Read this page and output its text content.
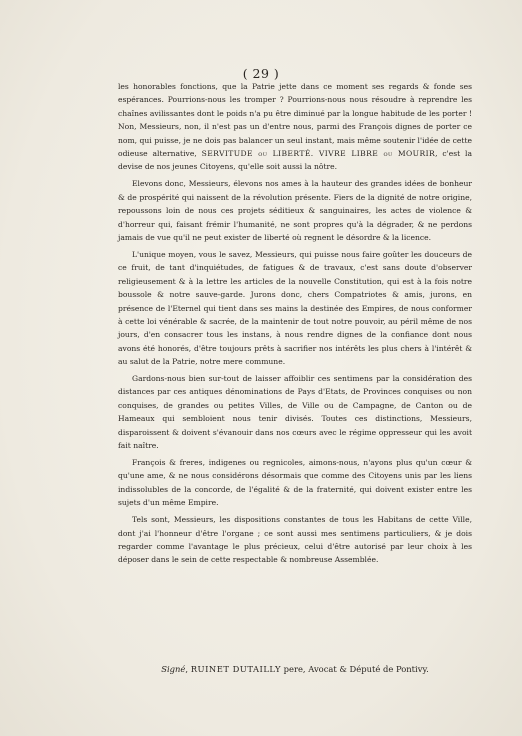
( 29 )

les honorables fonctions, que la Patrie jette dans ce moment ses regards & fonde ses espérances. Pourrions-nous les tromper ? Pourrions-nous nous résoudre à reprendre les chaînes avilissantes dont le poids n'a pu être diminué par la longue habitude de les porter ! Non, Messieurs, non, il n'est pas un d'entre nous, parmi des François dignes de porter ce nom, qui puisse, je ne dois pas balancer un seul instant, mais même soutenir l'idée de cette odieuse alternative, SERVITUDE ou LIBERTÉ. VIVRE LIBRE ou MOURIR, c'est la devise de nos jeunes Citoyens, qu'elle soit aussi la nôtre.

Elevons donc, Messieurs, élevons nos ames à la hauteur des grandes idées de bonheur & de prospérité qui naissent de la révolution présente. Fiers de la dignité de notre origine, repoussons loin de nous ces projets séditieux & sanguinaires, les actes de violence & d'horreur qui, faisant frémir l'humanité, ne sont propres qu'à la dégrader, & ne perdons jamais de vue qu'il ne peut exister de liberté où regnent le désordre & la licence.

L'unique moyen, vous le savez, Messieurs, qui puisse nous faire goûter les douceurs de ce fruit, de tant d'inquiétudes, de fatigues & de travaux, c'est sans doute d'observer religieusement & à la lettre les articles de la nouvelle Constitution, qui est à la fois notre boussole & notre sauve-garde. Jurons donc, chers Compatriotes & amis, jurons, en présence de l'Eternel qui tient dans ses mains la destinée des Empires, de nous conformer à cette loi vénérable & sacrée, de la maintenir de tout notre pouvoir, au péril même de nos jours, d'en consacrer tous les instans, à nous rendre dignes de la confiance dont nous avons été honorés, d'être toujours prêts à sacrifier nos intérêts les plus chers à l'intérêt & au salut de la Patrie, notre mere commune.

Gardons-nous bien sur-tout de laisser affoiblir ces sentimens par la considération des distances par ces antiques dénominations de Pays d'Etats, de Provinces conquises ou non conquises, de grandes ou petites Villes, de Ville ou de Campagne, de Canton ou de Hameaux qui sembloient nous tenir divisés. Toutes ces distinctions, Messieurs, disparoissent & doivent s'évanouir dans nos cœurs avec le régime oppresseur qui les avoit fait naître.

François & freres, indigenes ou regnicoles, aimons-nous, n'ayons plus qu'un cœur & qu'une ame, & ne nous considérons désormais que comme des Citoyens unis par les liens indissolubles de la concorde, de l'égalité & de la fraternité, qui doivent exister entre les sujets d'un même Empire.

Tels sont, Messieurs, les dispositions constantes de tous les Habitans de cette Ville, dont j'ai l'honneur d'être l'organe ; ce sont aussi mes sentimens particuliers, & je dois regarder comme l'avantage le plus précieux, celui d'être autorisé par leur choix à les déposer dans le sein de cette respectable & nombreuse Assemblée.

Signé, RUINET DUTAILLY pere, Avocat & Député de Pontivy.
